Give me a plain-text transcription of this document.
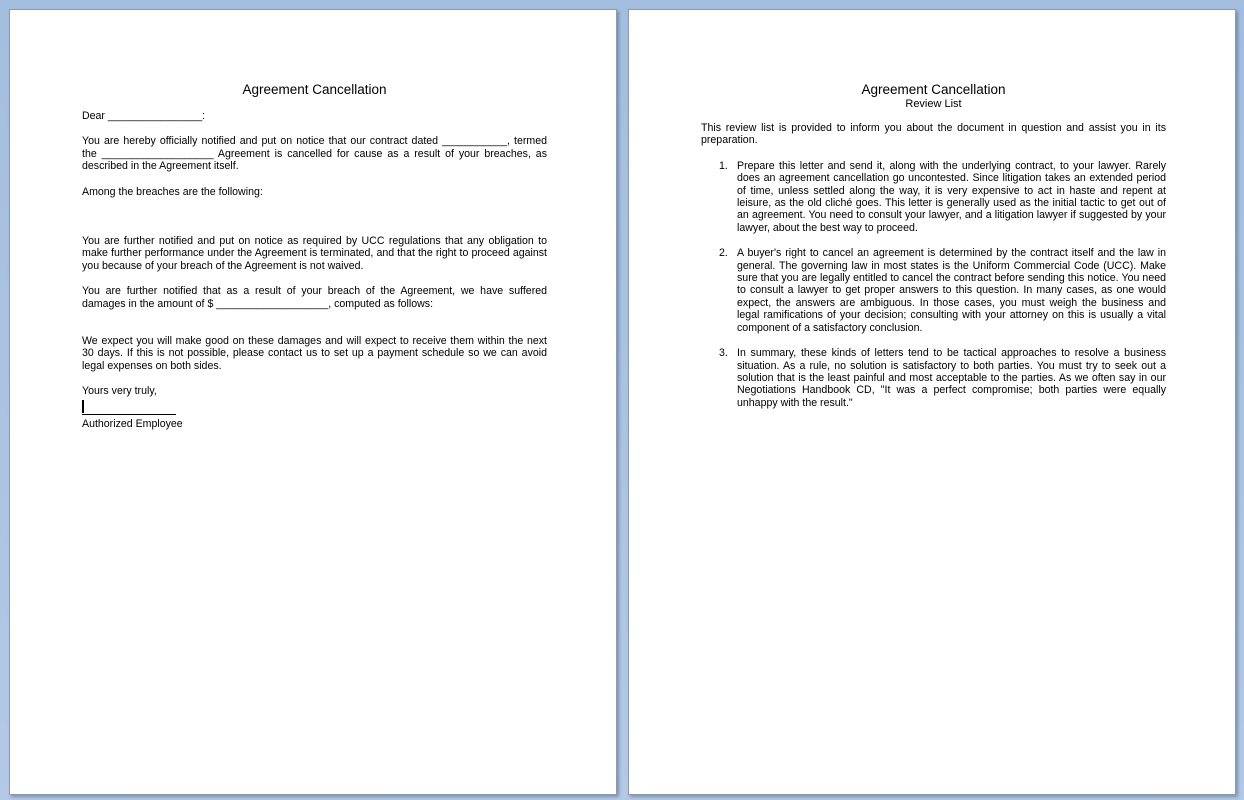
Agreement Cancellation

Dear ________________:

You are hereby officially notified and put on notice that our contract dated ___________, termed the ___________________ Agreement is cancelled for cause as a result of your breaches, as described in the Agreement itself.

Among the breaches are the following:

You are further notified and put on notice as required by UCC regulations that any obligation to make further performance under the Agreement is terminated, and that the right to proceed against you because of your breach of the Agreement is not waived.

You are further notified that as a result of your breach of the Agreement, we have suffered damages in the amount of $ ___________________, computed as follows:

We expect you will make good on these damages and will expect to receive them within the next 30 days. If this is not possible, please contact us to set up a payment schedule so we can avoid legal expenses on both sides.

Yours very truly,

Authorized Employee

Agreement Cancellation

Review List

This review list is provided to inform you about the document in question and assist you in its preparation.

1. Prepare this letter and send it, along with the underlying contract, to your lawyer. Rarely does an agreement cancellation go uncontested. Since litigation takes an extended period of time, unless settled along the way, it is very expensive to act in haste and repent at leisure, as the old cliché goes. This letter is generally used as the initial tactic to get out of an agreement. You need to consult your lawyer, and a litigation lawyer if suggested by your lawyer, about the best way to proceed.
2. A buyer's right to cancel an agreement is determined by the contract itself and the law in general. The governing law in most states is the Uniform Commercial Code (UCC). Make sure that you are legally entitled to cancel the contract before sending this notice. You need to consult a lawyer to get proper answers to this question. In many cases, as one would expect, the answers are ambiguous. In those cases, you must weigh the business and legal ramifications of your decision; consulting with your attorney on this is usually a vital component of a satisfactory conclusion.
3. In summary, these kinds of letters tend to be tactical approaches to resolve a business situation. As a rule, no solution is satisfactory to both parties. You must try to seek out a solution that is the least painful and most acceptable to the parties. As we often say in our Negotiations Handbook CD, "It was a perfect compromise; both parties were equally unhappy with the result."
